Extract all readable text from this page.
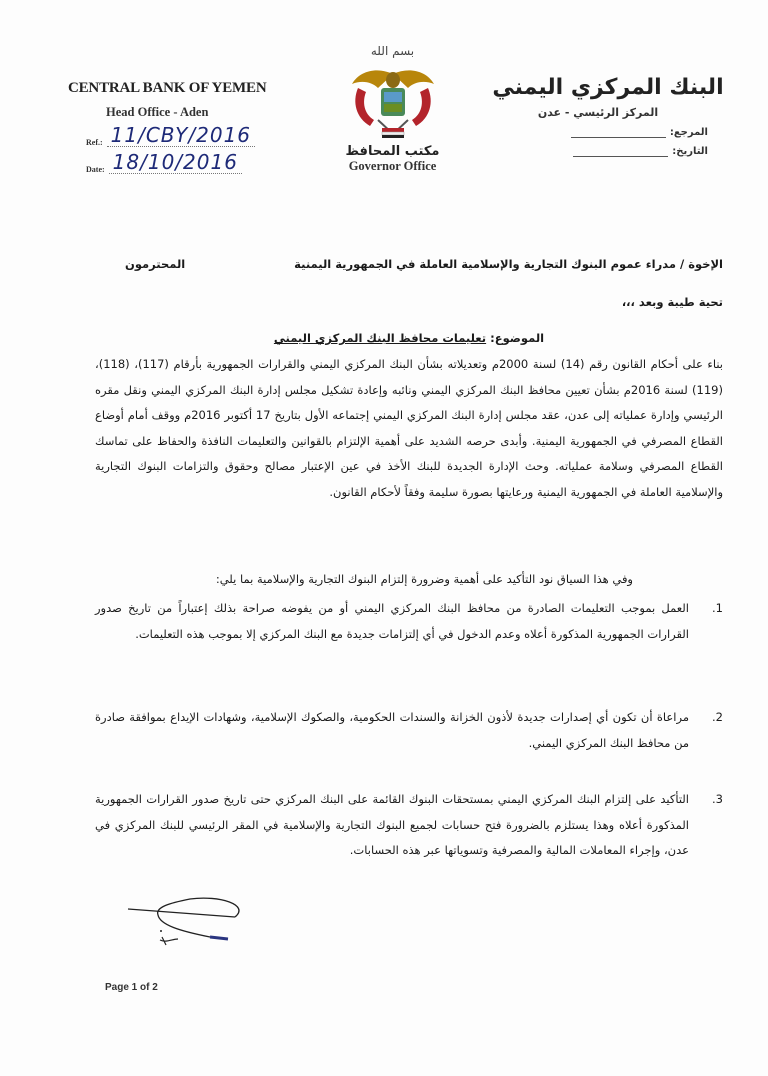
CENTRAL BANK OF YEMEN
Head Office - Aden
Ref.: 11/CBY/2016
Date: 18/10/2016
بسم الله
مكتب المحافظ
Governor Office
البنك المركزي اليمني
المركز الرئيسي - عدن
المرجع:
التاريخ:
الإخوة / مدراء عموم البنوك التجارية والإسلامية العاملة في الجمهورية اليمنية
المحترمون
تحية طيبة وبعد ،،،
الموضوع: تعليمات محافظ البنك المركزي اليمني
بناء على أحكام القانون رقم (14) لسنة 2000م وتعديلاته بشأن البنك المركزي اليمني والقرارات الجمهورية بأرقام (117)، (118)، (119) لسنة 2016م بشأن تعيين محافظ البنك المركزي اليمني ونائبه وإعادة تشكيل مجلس إدارة البنك المركزي اليمني ونقل مقره الرئيسي وإدارة عملياته إلى عدن، عقد مجلس إدارة البنك المركزي اليمني إجتماعه الأول بتاريخ 17 أكتوبر 2016م ووقف أمام أوضاع القطاع المصرفي في الجمهورية اليمنية. وأبدى حرصه الشديد على أهمية الإلتزام بالقوانين والتعليمات النافذة والحفاظ على تماسك القطاع المصرفي وسلامة عملياته. وحث الإدارة الجديدة للبنك الأخذ في عين الإعتبار مصالح وحقوق والتزامات البنوك التجارية والإسلامية العاملة في الجمهورية اليمنية ورعايتها بصورة سليمة وفقاً لأحكام القانون.
وفي هذا السياق نود التأكيد على أهمية وضرورة إلتزام البنوك التجارية والإسلامية بما يلي:
1.
العمل بموجب التعليمات الصادرة من محافظ البنك المركزي اليمني أو من يفوضه صراحة بذلك إعتباراً من تاريخ صدور القرارات الجمهورية المذكورة أعلاه وعدم الدخول في أي إلتزامات جديدة مع البنك المركزي إلا بموجب هذه التعليمات.
2.
مراعاة أن تكون أي إصدارات جديدة لأذون الخزانة والسندات الحكومية، والصكوك الإسلامية، وشهادات الإيداع بموافقة صادرة من محافظ البنك المركزي اليمني.
3.
التأكيد على إلتزام البنك المركزي اليمني بمستحقات البنوك القائمة على البنك المركزي حتى تاريخ صدور القرارات الجمهورية المذكورة أعلاه وهذا يستلزم بالضرورة فتح حسابات لجميع البنوك التجارية والإسلامية في المقر الرئيسي للبنك المركزي في عدن، وإجراء المعاملات المالية والمصرفية وتسوياتها عبر هذه الحسابات.
Page 1 of 2
